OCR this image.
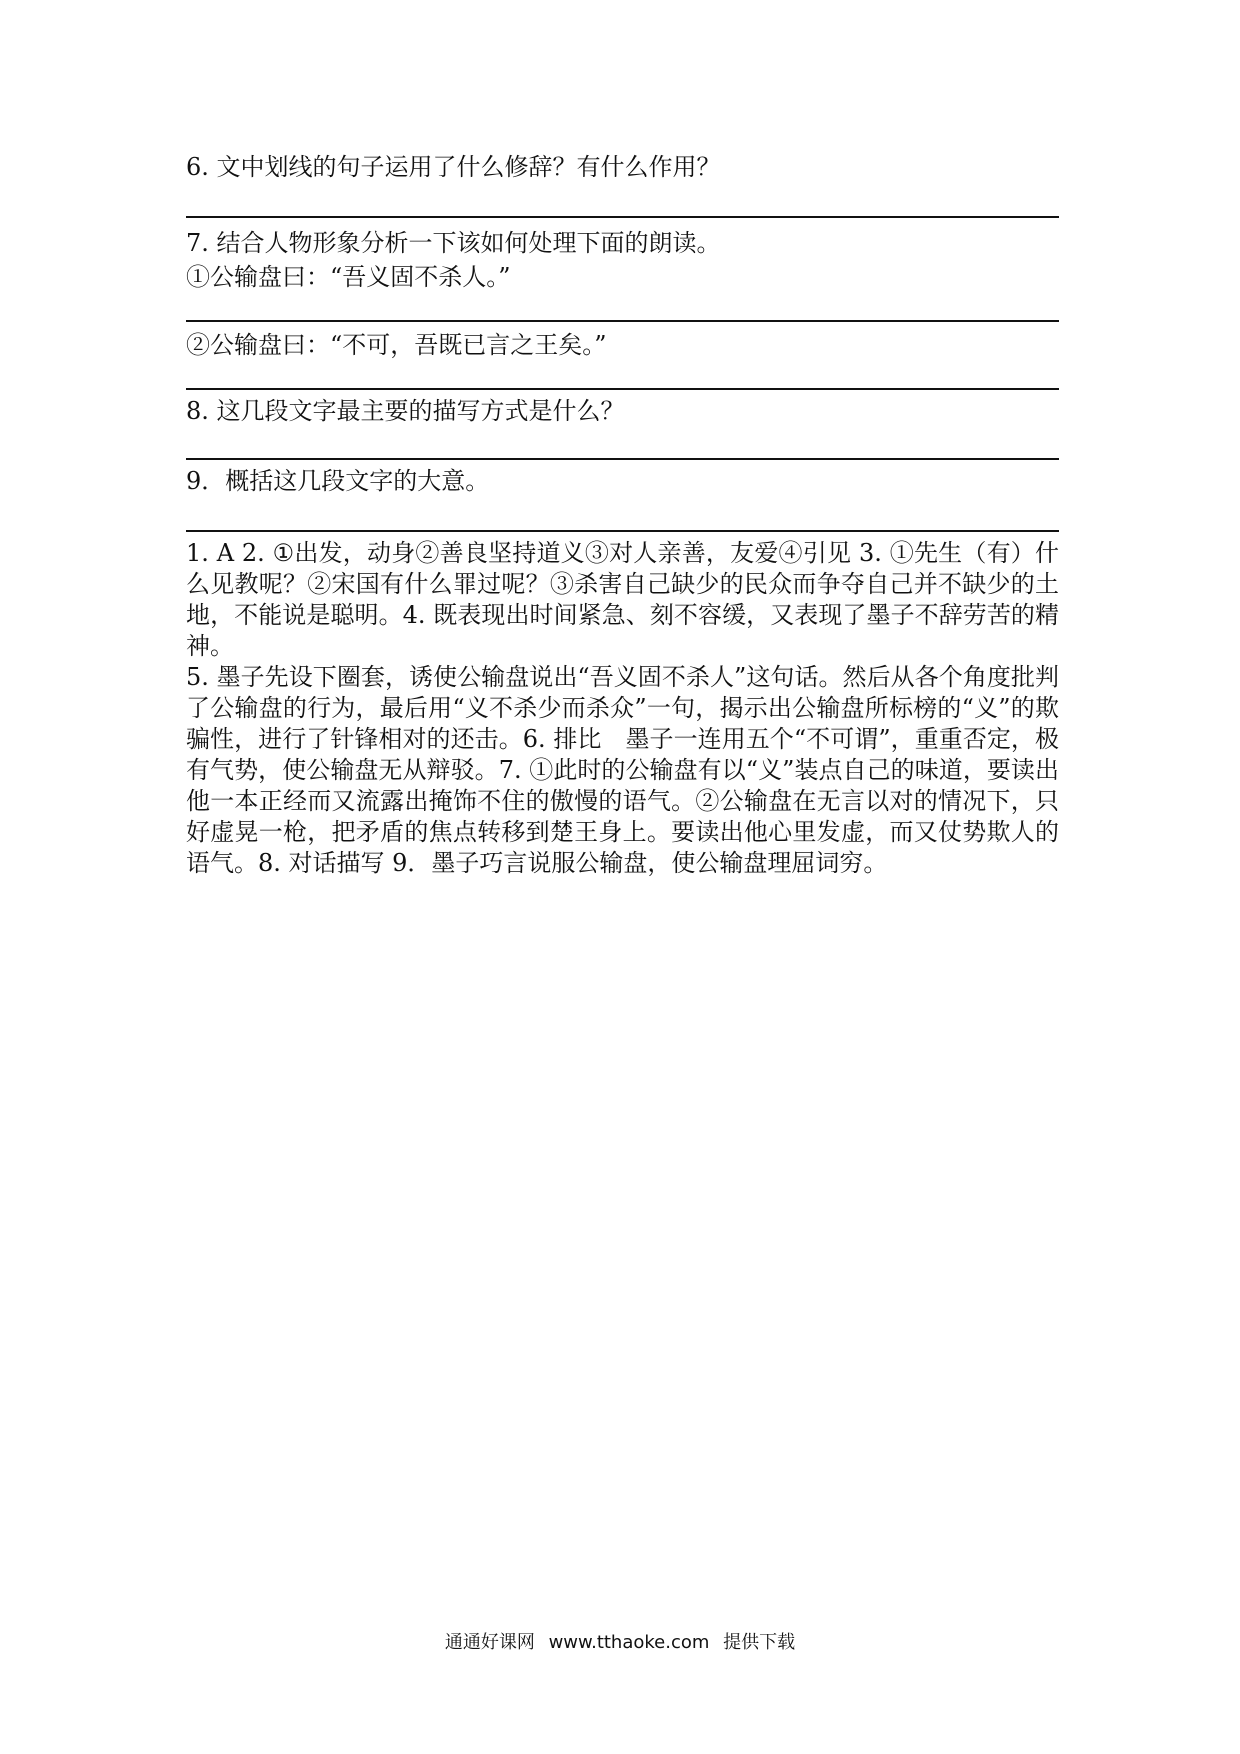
6. 文中划线的句子运用了什么修辞？有什么作用？
7. 结合人物形象分析一下该如何处理下面的朗读。
①公输盘曰：“吾义固不杀人。”
②公输盘曰：“不可，吾既已言之王矣。”
8. 这几段文字最主要的描写方式是什么？
9．概括这几段文字的大意。

1. A 2. ①出发，动身②善良坚持道义③对人亲善，友爱④引见 3. ①先生（有）什么见教呢？②宋国有什么罪过呢？③杀害自己缺少的民众而争夺自己并不缺少的土地，不能说是聪明。4. 既表现出时间紧急、刻不容缓，又表现了墨子不辞劳苦的精神。

5. 墨子先设下圈套，诱使公输盘说出“吾义固不杀人”这句话。然后从各个角度批判了公输盘的行为，最后用“义不杀少而杀众”一句，揭示出公输盘所标榜的“义”的欺骗性，进行了针锋相对的还击。6. 排比　墨子一连用五个“不可谓”，重重否定，极有气势，使公输盘无从辩驳。7. ①此时的公输盘有以“义”装点自己的味道，要读出他一本正经而又流露出掩饰不住的傲慢的语气。②公输盘在无言以对的情况下，只好虚晃一枪，把矛盾的焦点转移到楚王身上。要读出他心里发虚，而又仗势欺人的语气。8. 对话描写 9．墨子巧言说服公输盘，使公输盘理屈词穷。

通通好课网 www.tthaoke.com 提供下载
